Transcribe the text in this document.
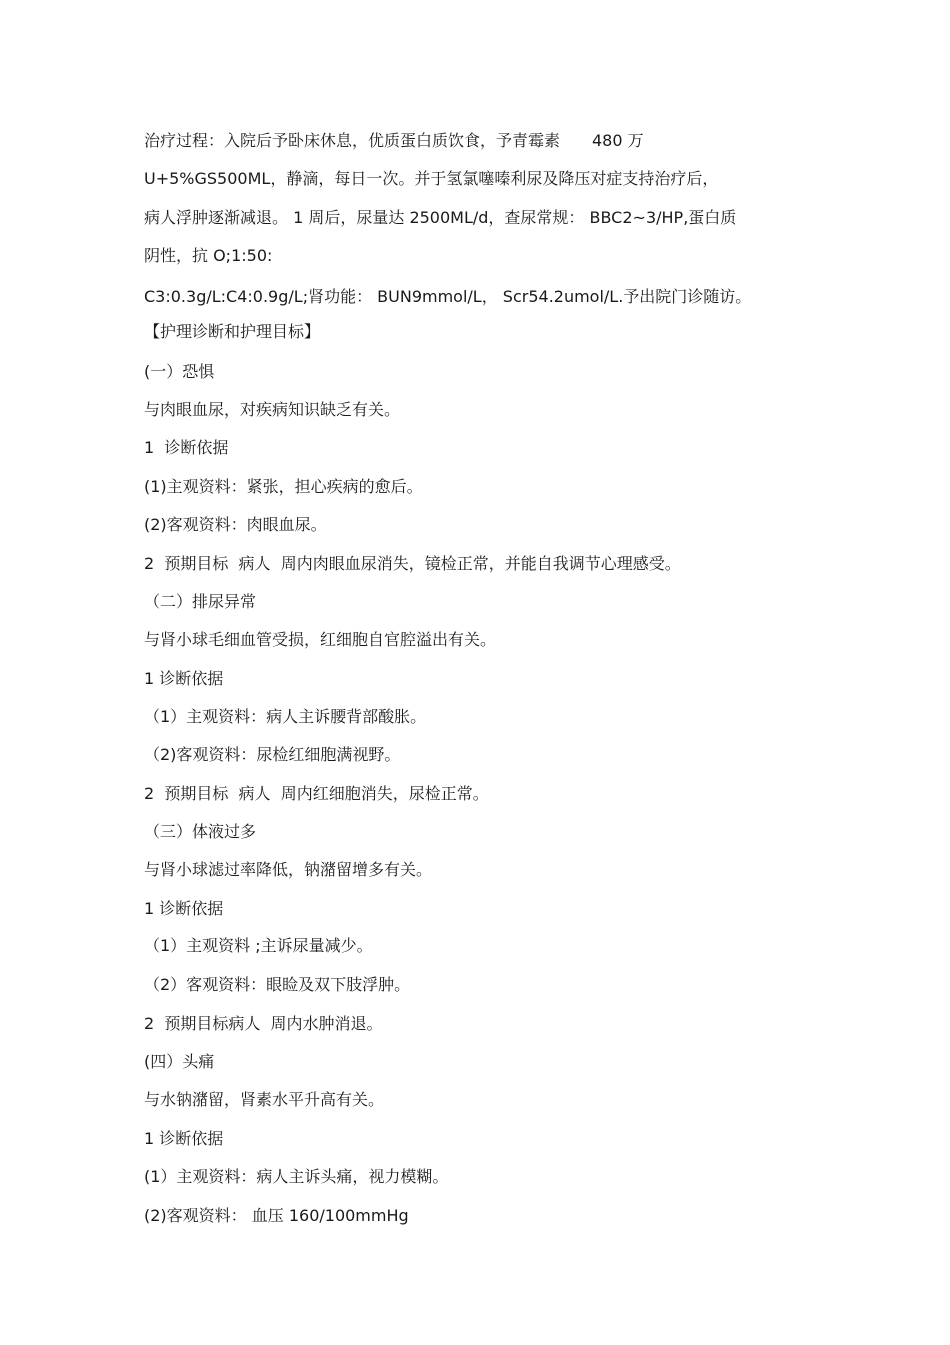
治疗过程：入院后予卧床休息，优质蛋白质饮食，予青霉素　　480 万
U+5%GS500ML，静滴，每日一次。并于氢氯噻嗪利尿及降压对症支持治疗后，
病人浮肿逐渐减退。 1 周后，尿量达 2500ML/d，查尿常规： BBC2~3/HP,蛋白质
阴性，抗 O;1:50:
C3:0.3g/L:C4:0.9g/L;肾功能： BUN9mmol/L， Scr54.2umol/L.予出院门诊随访。
【护理诊断和护理目标】
(一）恐惧
与肉眼血尿，对疾病知识缺乏有关。
1  诊断依据
(1)主观资料：紧张，担心疾病的愈后。
(2)客观资料：肉眼血尿。
2  预期目标  病人  周内肉眼血尿消失，镜检正常，并能自我调节心理感受。
（二）排尿异常
与肾小球毛细血管受损，红细胞自官腔溢出有关。
1 诊断依据
（1）主观资料：病人主诉腰背部酸胀。
（2)客观资料：尿检红细胞满视野。
2  预期目标  病人  周内红细胞消失，尿检正常。
（三）体液过多
与肾小球滤过率降低，钠潴留增多有关。
1 诊断依据
（1）主观资料 ;主诉尿量减少。
（2）客观资料：眼睑及双下肢浮肿。
2  预期目标病人  周内水肿消退。
(四）头痛
与水钠潴留，肾素水平升高有关。
1 诊断依据
(1）主观资料：病人主诉头痛，视力模糊。
(2)客观资料： 血压 160/100mmHg
